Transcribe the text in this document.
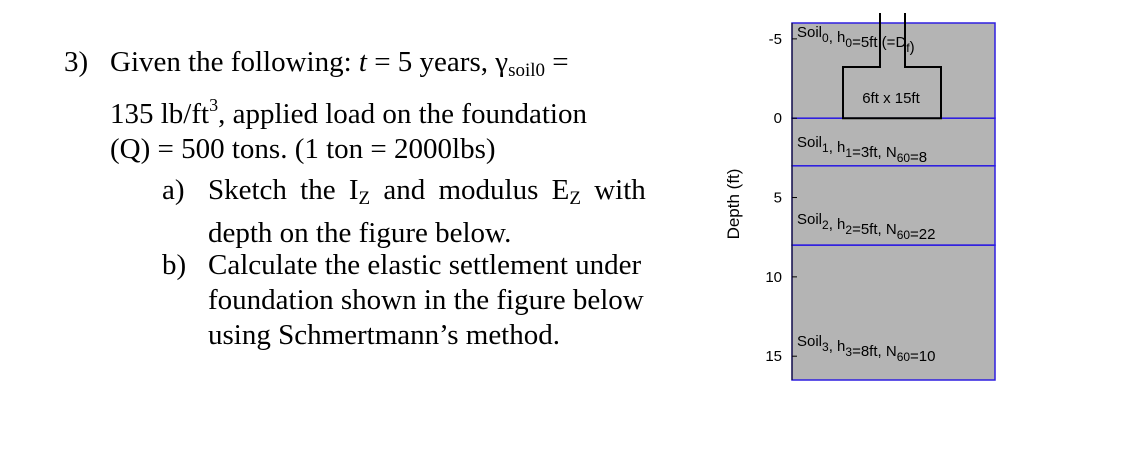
3) Given the following: t = 5 years, $\gamma_{soil0}$ =
135 $lb/ft^3$, applied load on the foundation
(Q) = 500 tons. (1 ton = 2000lbs)
a) Sketch the $I_Z$ and modulus $E_Z$ with
depth on the figure below.
b) Calculate the elastic settlement under
foundation shown in the figure below
using Schmertmann’s method.
6ft x 15ft
-5
0
5
10
15
Soil$_0$, $h_0=5ft$ $(=D_f)$
Soil$_1$, $h_1=3ft$, $N_{60}=8$
Soil$_2$, $h_2=5ft$, $N_{60}=22$
Soil$_3$, $h_3=8ft$, $N_{60}=10$
Depth (ft)
